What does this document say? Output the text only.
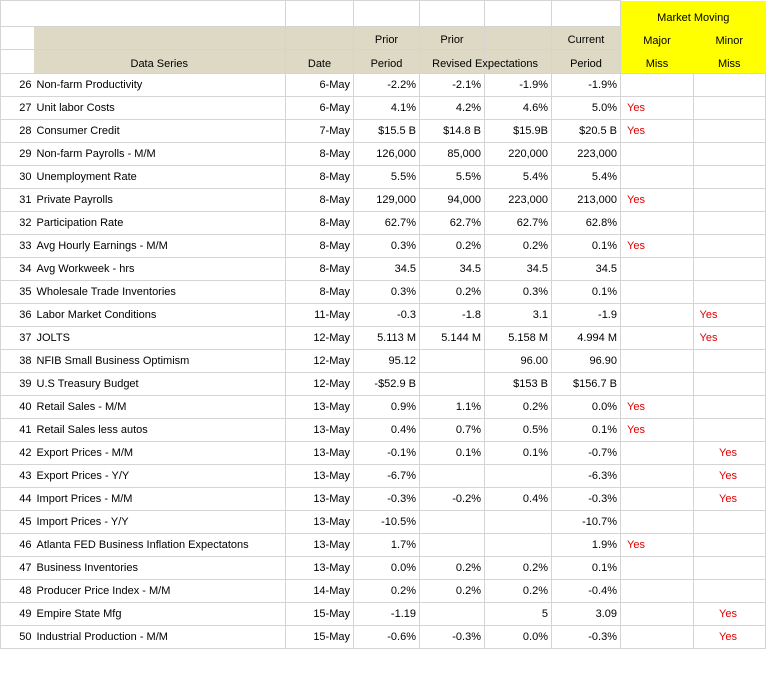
							Market Moving	
			Prior	Prior		Current	Major	Minor
	Data Series	Date	Period	Revised	Expectations	Period	Miss	Miss
26	Non-farm Productivity	6-May	-2.2%	-2.1%	-1.9%	-1.9%		
27	Unit labor Costs	6-May	4.1%	4.2%	4.6%	5.0%	Yes	
28	Consumer Credit	7-May	$15.5 B	$14.8 B	$15.9B	$20.5 B	Yes	
29	Non-farm Payrolls - M/M	8-May	126,000	85,000	220,000	223,000		
30	Unemployment Rate	8-May	5.5%	5.5%	5.4%	5.4%		
31	Private Payrolls	8-May	129,000	94,000	223,000	213,000	Yes	
32	Participation Rate	8-May	62.7%	62.7%	62.7%	62.8%		
33	Avg Hourly Earnings - M/M	8-May	0.3%	0.2%	0.2%	0.1%	Yes	
34	Avg Workweek - hrs	8-May	34.5	34.5	34.5	34.5		
35	Wholesale Trade Inventories	8-May	0.3%	0.2%	0.3%	0.1%		
36	Labor Market Conditions	11-May	-0.3	-1.8	3.1	-1.9		Yes
37	JOLTS	12-May	5.113 M	5.144 M	5.158 M	4.994 M		Yes
38	NFIB Small Business Optimism	12-May	95.12		96.00	96.90		
39	U.S Treasury Budget	12-May	-$52.9 B		$153 B	$156.7 B		
40	Retail Sales - M/M	13-May	0.9%	1.1%	0.2%	0.0%	Yes	
41	Retail Sales less autos	13-May	0.4%	0.7%	0.5%	0.1%	Yes	
42	Export Prices - M/M	13-May	-0.1%	0.1%	0.1%	-0.7%		Yes
43	Export Prices - Y/Y	13-May	-6.7%			-6.3%		Yes
44	Import Prices - M/M	13-May	-0.3%	-0.2%	0.4%	-0.3%		Yes
45	Import Prices - Y/Y	13-May	-10.5%			-10.7%		
46	Atlanta FED Business Inflation Expectatons	13-May	1.7%			1.9%	Yes	
47	Business Inventories	13-May	0.0%	0.2%	0.2%	0.1%		
48	Producer Price Index - M/M	14-May	0.2%	0.2%	0.2%	-0.4%		
49	Empire State Mfg	15-May	-1.19		5	3.09		Yes
50	Industrial Production - M/M	15-May	-0.6%	-0.3%	0.0%	-0.3%		Yes
